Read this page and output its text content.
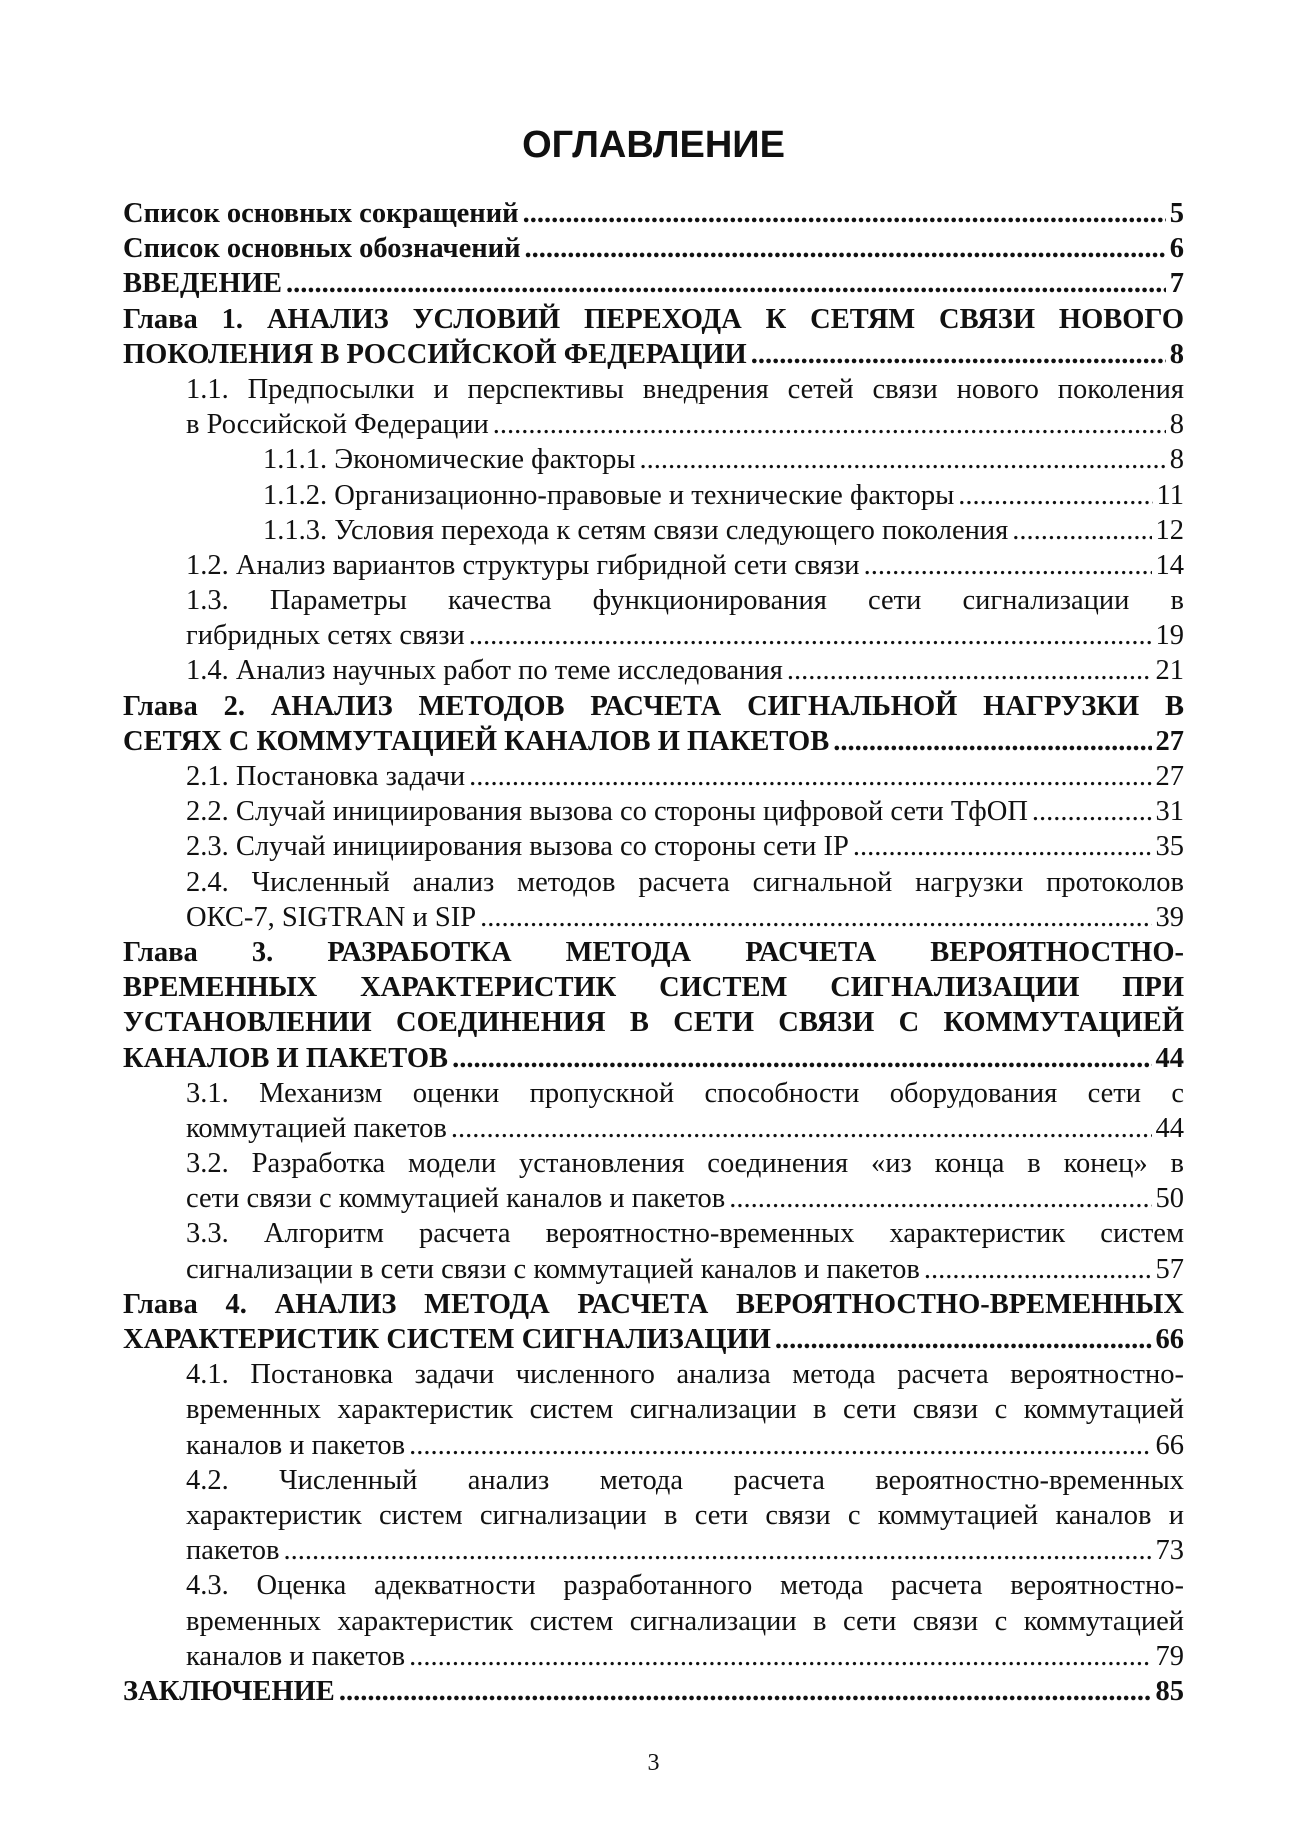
ОГЛАВЛЕНИЕ
Список основных сокращений .....	5
Список основных обозначений .....	6
ВВЕДЕНИЕ .....	7
Глава 1. АНАЛИЗ УСЛОВИЙ ПЕРЕХОДА К СЕТЯМ СВЯЗИ НОВОГО
ПОКОЛЕНИЯ В РОССИЙСКОЙ ФЕДЕРАЦИИ .....	8
1.1. Предпосылки и перспективы внедрения сетей связи нового поколения
в Российской Федерации .....	8
1.1.1. Экономические факторы .....	8
1.1.2. Организационно-правовые и технические факторы .....	11
1.1.3. Условия перехода к сетям связи следующего поколения .....	12
1.2. Анализ вариантов структуры гибридной сети связи .....	14
1.3. Параметры качества функционирования сети сигнализации в
гибридных сетях связи .....	19
1.4. Анализ научных работ по теме исследования .....	21
Глава 2. АНАЛИЗ МЕТОДОВ РАСЧЕТА СИГНАЛЬНОЙ НАГРУЗКИ В
СЕТЯХ С КОММУТАЦИЕЙ КАНАЛОВ И ПАКЕТОВ .....	27
2.1. Постановка задачи .....	27
2.2. Случай инициирования вызова со стороны цифровой сети ТфОП .....	31
2.3. Случай инициирования вызова со стороны сети IP .....	35
2.4. Численный анализ методов расчета сигнальной нагрузки протоколов
ОКС-7, SIGTRAN и SIP .....	39
Глава 3. РАЗРАБОТКА МЕТОДА РАСЧЕТА ВЕРОЯТНОСТНО-
ВРЕМЕННЫХ ХАРАКТЕРИСТИК СИСТЕМ СИГНАЛИЗАЦИИ ПРИ
УСТАНОВЛЕНИИ СОЕДИНЕНИЯ В СЕТИ СВЯЗИ С КОММУТАЦИЕЙ
КАНАЛОВ И ПАКЕТОВ .....	44
3.1. Механизм оценки пропускной способности оборудования сети с
коммутацией пакетов .....	44
3.2. Разработка модели установления соединения «из конца в конец» в
сети связи с коммутацией каналов и пакетов .....	50
3.3. Алгоритм расчета вероятностно-временных характеристик систем
сигнализации в сети связи с коммутацией каналов и пакетов .....	57
Глава 4. АНАЛИЗ МЕТОДА РАСЧЕТА ВЕРОЯТНОСТНО-ВРЕМЕННЫХ
ХАРАКТЕРИСТИК СИСТЕМ СИГНАЛИЗАЦИИ .....	66
4.1. Постановка задачи численного анализа метода расчета вероятностно-
временных характеристик систем сигнализации в сети связи с коммутацией
каналов и пакетов .....	66
4.2. Численный анализ метода расчета вероятностно-временных
характеристик систем сигнализации в сети связи с коммутацией каналов и
пакетов .....	73
4.3. Оценка адекватности разработанного метода расчета вероятностно-
временных характеристик систем сигнализации в сети связи с коммутацией
каналов и пакетов .....	79
ЗАКЛЮЧЕНИЕ .....	85
3
